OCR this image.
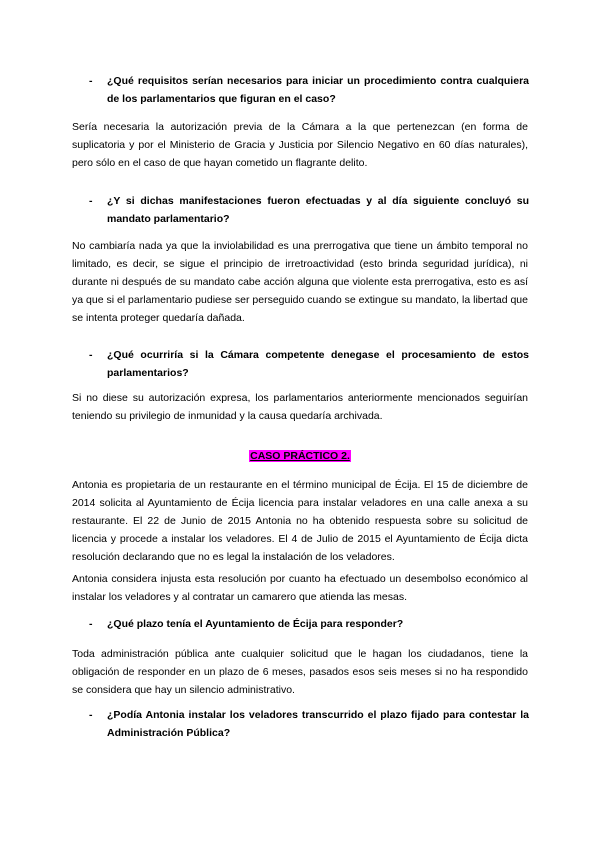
-	¿Qué requisitos serían necesarios para iniciar un procedimiento contra cualquiera de los parlamentarios que figuran en el caso?
Sería necesaria la autorización previa de la Cámara a la que pertenezcan (en forma de suplicatoria y por el Ministerio de Gracia y Justicia por Silencio Negativo en 60 días naturales), pero sólo en el caso de que hayan cometido un flagrante delito.
-	¿Y si dichas manifestaciones fueron efectuadas y al día siguiente concluyó su mandato parlamentario?
No cambiaría nada ya que la inviolabilidad es una prerrogativa que tiene un ámbito temporal no limitado, es decir, se sigue el principio de irretroactividad (esto brinda seguridad jurídica), ni durante ni después de su mandato cabe acción alguna que violente esta prerrogativa, esto es así ya que si el parlamentario pudiese ser perseguido cuando se extingue su mandato, la libertad que se intenta proteger quedaría dañada.
-	¿Qué ocurriría si la Cámara competente denegase el procesamiento de estos parlamentarios?
Si no diese su autorización expresa, los parlamentarios anteriormente mencionados seguirían teniendo su privilegio de inmunidad y la causa quedaría archivada.
CASO PRÁCTICO 2.
Antonia es propietaria de un restaurante en el término municipal de Écija. El 15 de diciembre de 2014 solicita al Ayuntamiento de Écija licencia para instalar veladores en una calle anexa a su restaurante. El 22 de Junio de 2015 Antonia no ha obtenido respuesta sobre su solicitud de licencia y procede a instalar los veladores. El 4 de Julio de 2015 el Ayuntamiento de Écija dicta resolución declarando que no es legal la instalación de los veladores.
Antonia considera injusta esta resolución por cuanto ha efectuado un desembolso económico al instalar los veladores y al contratar un camarero que atienda las mesas.
-	¿Qué plazo tenía el Ayuntamiento de Écija para responder?
Toda administración pública ante cualquier solicitud que le hagan los ciudadanos, tiene la obligación de responder en un plazo de 6 meses, pasados esos seis meses si no ha respondido se considera que hay un silencio administrativo.
-	¿Podía Antonia instalar los veladores transcurrido el plazo fijado para contestar la Administración Pública?
